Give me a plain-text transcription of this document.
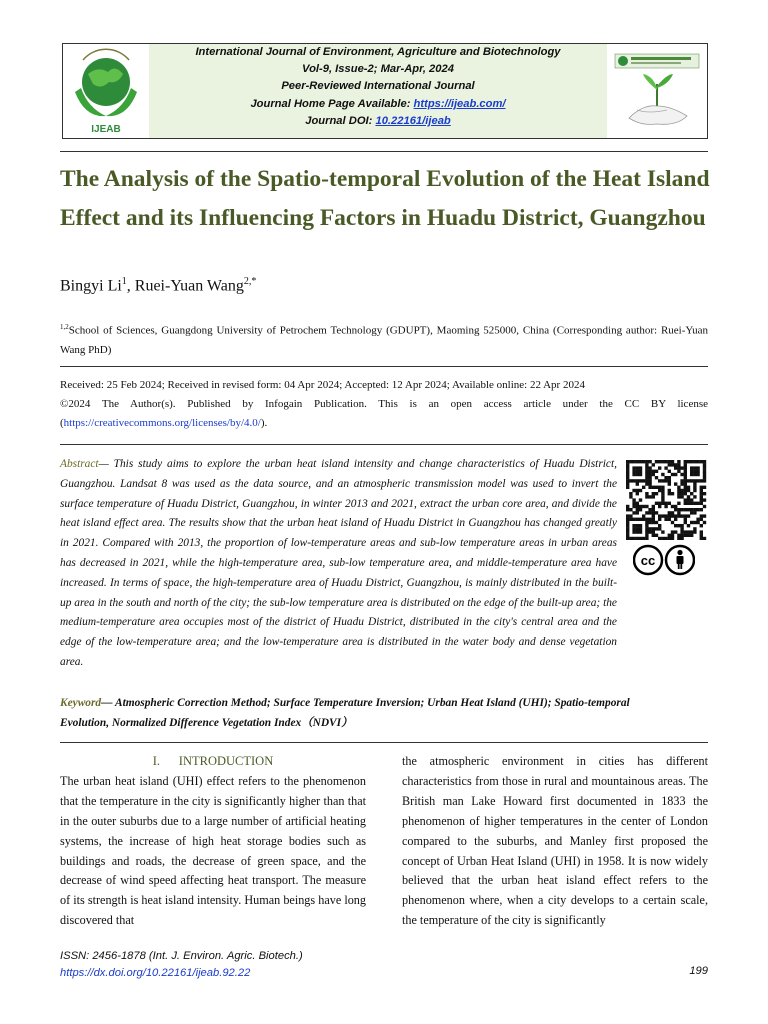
IJEAB
International Journal of Environment, Agriculture and Biotechnology
Vol-9, Issue-2; Mar-Apr, 2024
Peer-Reviewed International Journal
Journal Home Page Available: https://ijeab.com/
Journal DOI: 10.22161/ijeab
The Analysis of the Spatio-temporal Evolution of the Heat Island Effect and its Influencing Factors in Huadu District, Guangzhou
Bingyi Li$^1$, Ruei-Yuan Wang$^{2,*}$
$^{1,2}$School of Sciences, Guangdong University of Petrochem Technology (GDUPT), Maoming 525000, China (Corresponding author: Ruei-Yuan Wang PhD)
Received: 25 Feb 2024; Received in revised form: 04 Apr 2024; Accepted: 12 Apr 2024; Available online: 22 Apr 2024
©2024 The Author(s). Published by Infogain Publication. This is an open access article under the CC BY license (https://creativecommons.org/licenses/by/4.0/).
Abstract— This study aims to explore the urban heat island intensity and change characteristics of Huadu District, Guangzhou. Landsat 8 was used as the data source, and an atmospheric transmission model was used to invert the surface temperature of Huadu District, Guangzhou, in winter 2013 and 2021, extract the urban core area, and divide the heat island effect area. The results show that the urban heat island of Huadu District in Guangzhou has changed greatly in 2021. Compared with 2013, the proportion of low-temperature areas and sub-low temperature areas in urban areas has decreased in 2021, while the high-temperature area, sub-low temperature area, and middle-temperature area have increased. In terms of space, the high-temperature area of Huadu District, Guangzhou, is mainly distributed in the built-up area in the south and north of the city; the sub-low temperature area is distributed on the edge of the built-up area; the medium-temperature area occupies most of the district of Huadu District, distributed in the city's central area and the edge of the low-temperature area; and the low-temperature area is distributed in the water body and dense vegetation area.
Keyword— Atmospheric Correction Method; Surface Temperature Inversion; Urban Heat Island (UHI); Spatio-temporal Evolution, Normalized Difference Vegetation Index（NDVI）
cc
I.      INTRODUCTION

The urban heat island (UHI) effect refers to the phenomenon that the temperature in the city is significantly higher than that in the outer suburbs due to a large number of artificial heating systems, the increase of high heat storage bodies such as buildings and roads, the decrease of green space, and the decrease of wind speed affecting heat transport. The measure of its strength is heat island intensity. Human beings have long discovered that

the atmospheric environment in cities has different characteristics from those in rural and mountainous areas. The British man Lake Howard first documented in 1833 the phenomenon of higher temperatures in the center of London compared to the suburbs, and Manley first proposed the concept of Urban Heat Island (UHI) in 1958. It is now widely believed that the urban heat island effect refers to the phenomenon where, when a city develops to a certain scale, the temperature of the city is significantly

ISSN: 2456-1878 (Int. J. Environ. Agric. Biotech.)
https://dx.doi.org/10.22161/ijeab.92.22	199
